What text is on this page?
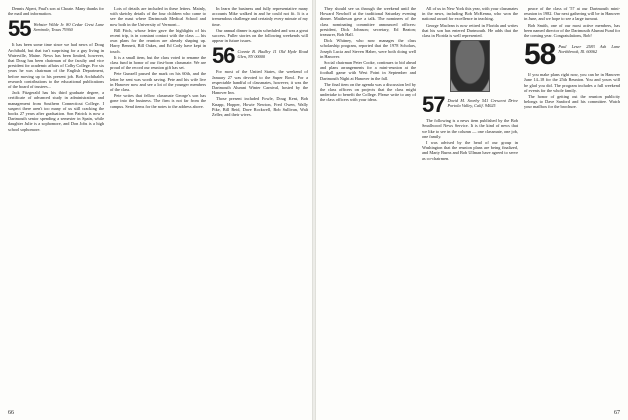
Dennis Alpert, Paul's son at Choate. Many thanks for the mail and information.

55 Webster Wilde Jr. 80 Cedar Crest Lane Seminole, Texas 79360

It has been some time since we had news of Doug Archibald, but that isn't surprising for a guy living in Waterville, Maine. News has been limited, however, that Doug has been chairman of the faculty and vice president for academic affairs of Colby College. For six years he was chairman of the English Department, before moving up to his present job. Bob Archibald's research contributions to the educational publications of the board of trustees...

Jack Fitzgerald has his third graduate degree, a certificate of advanced study in administration and management from Southern Connecticut College. I suspect there aren't too many of us still cracking the books 27 years after graduation. Son Patrick is now a Dartmouth senior spending a semester in Spain, while daughter Julie is a sophomore, and Don Jobs is a high school sophomore.

Lots of details are included in these letters. Mainly, with sketchy details of the four children who came to see the mast where Dartmouth Medical School and now both in the University of Vermont...

Bill Fitch, whose letter gave the highlights of his recent trip, is in constant contact with the class — his own plans for the reunion are already shaping up. Harry Bennett, Bill Oakes, and Ed Cody have kept in touch.

It is a small item, but the class voted to rename the class fund in honor of our first-born classmate. We are proud of the record our reunion gift has set.

Pete Gunzell passed the mark on his 60th, and the letter he sent was worth saving. Pete and his wife live in Hanover now and see a lot of the younger members of the class.

Pete writes that fellow classmate George's son has gone into the business. The firm is not far from the campus. Send items for the notes to the address above.

In learn the business and fully representative many accounts Mike walked in and he could not fit. It is a tremendous challenge and certainly every minute of my time.

Our annual dinner is again scheduled and was a great success. Fuller stories on the following weekends will appear in future issues.

56 Connie B. Hadley 11 Old Hyde Road Glen, NY 00000

For most of the United States, the weekend of January 27 was devoted to the Super Bowl. For a respectable handful of classmates, however, it was the Dartmouth Alumni Winter Carnival, hosted by the Hanover Inn.

Those present included Fowle, Doug Kent, Bob Knapp, Hopper, Howie Newton, Fred Owen, Wally Pike, Bill Reid, Dave Rockwell, Bob Sullivan, Walt Zeller, and their wives.

66

They should see us through the weekend until the Howard Newhoff at the traditional Saturday evening dinner. Mattheson gave a talk. The nominees of the class nominating committee announced officers: president, Dick Johnson; secretary, Ed Beaton; treasurer, Bob Hall.

Dick Whitney, who now manages the class scholarship program, reported that the 1978 Scholars, Joseph Lucia and Steven Haber, were both doing well in Hanover.

Social chairman Peter Cooke, continues to bid ahead and plans arrangements for a mini-reunion at the football game with West Point in September and Dartmouth Night at Hanover in the fall.

The final item on the agenda was a discussion led by the class officers on projects that the class might undertake to benefit the College. Please write to any of the class officers with your ideas.

All of us in New York this year, with your classmates in the news, including Bob McKenna, who won the national award for excellence in teaching.

George Maclean is now retired in Florida and writes that his son has entered Dartmouth. He adds that the class in Florida is well represented.

57 David M. Searby 541 Crescent Drive Portola Valley, Calif. 94025

The following is a news item published by the Bob Smallwood News Service. It is the kind of news that we like to see in the column — one classmate, one job, one family.

I was advised by the head of our group in Washington that the reunion plans are being finalized, and Marty Burns and Bob Ullman have agreed to serve as co-chairmen.

peace of the class of '57 at our Dartmouth mini-reunion in 1982. Our next gathering will be in Hanover in June, and we hope to see a large turnout.

Bob Smith, one of our most active members, has been named director of the Dartmouth Alumni Fund for the coming year. Congratulations, Bob!

58 Paul Leser 2583 Ash Lane Northbrook, Ill. 60062

If you make plans right now, you can be in Hanover June 14–18 for the 25th Reunion. You and yours will be glad you did. The program includes a full weekend of events for the whole family.

The honor of getting out the reunion publicity belongs to Dave Sanford and his committee. Watch your mailbox for the brochure.

67
